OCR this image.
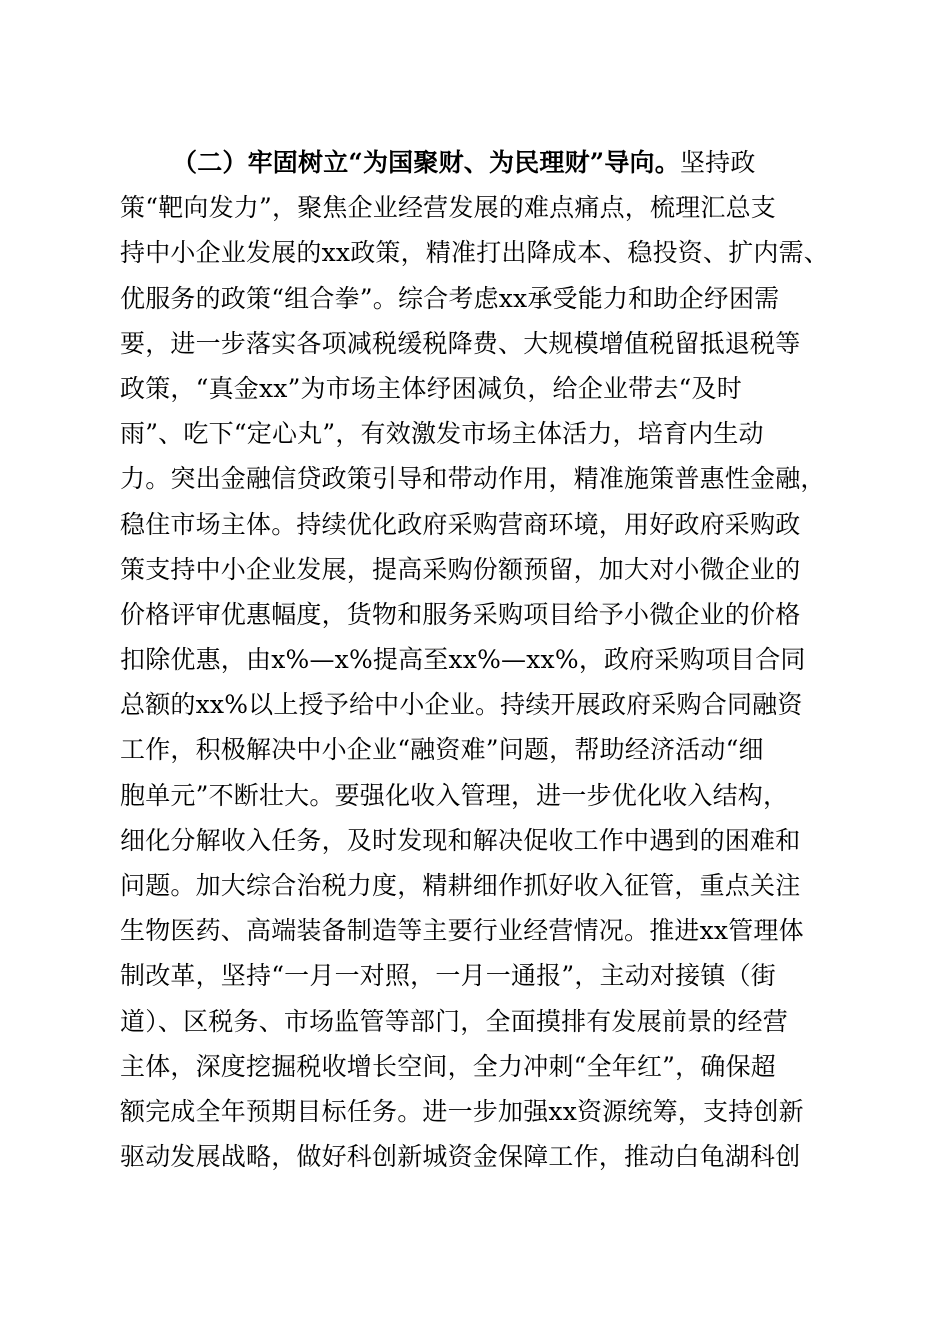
（二）牢固树立“为国聚财、为民理财”导向。坚持政
策“靶向发力”，聚焦企业经营发展的难点痛点，梳理汇总支
持中小企业发展的xx政策，精准打出降成本、稳投资、扩内需、
优服务的政策“组合拳”。综合考虑xx承受能力和助企纾困需
要，进一步落实各项减税缓税降费、大规模增值税留抵退税等
政策，“真金xx”为市场主体纾困减负，给企业带去“及时
雨”、吃下“定心丸”，有效激发市场主体活力，培育内生动
力。突出金融信贷政策引导和带动作用，精准施策普惠性金融，
稳住市场主体。持续优化政府采购营商环境，用好政府采购政
策支持中小企业发展，提高采购份额预留，加大对小微企业的
价格评审优惠幅度，货物和服务采购项目给予小微企业的价格
扣除优惠，由x%—x%提高至xx%—xx%，政府采购项目合同
总额的xx%以上授予给中小企业。持续开展政府采购合同融资
工作，积极解决中小企业“融资难”问题，帮助经济活动“细
胞单元”不断壮大。要强化收入管理，进一步优化收入结构，
细化分解收入任务，及时发现和解决促收工作中遇到的困难和
问题。加大综合治税力度，精耕细作抓好收入征管，重点关注
生物医药、高端装备制造等主要行业经营情况。推进xx管理体
制改革，坚持“一月一对照，一月一通报”，主动对接镇（街
道）、区税务、市场监管等部门，全面摸排有发展前景的经营
主体，深度挖掘税收增长空间，全力冲刺“全年红”，确保超
额完成全年预期目标任务。进一步加强xx资源统筹，支持创新
驱动发展战略，做好科创新城资金保障工作，推动白龟湖科创
